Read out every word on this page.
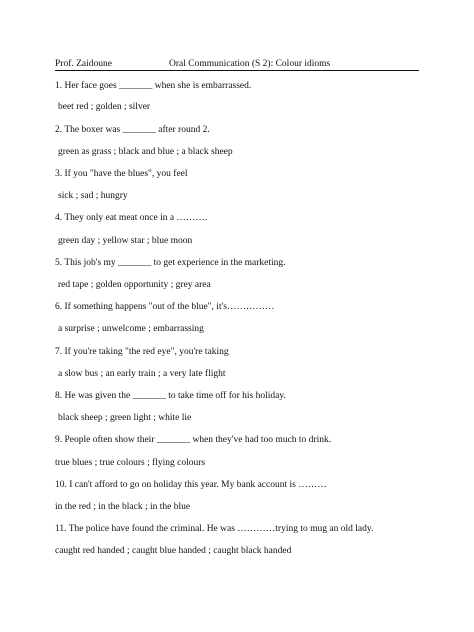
Prof. Zaidoune	Oral Communication (S 2): Colour idioms
1. Her face goes _______ when she is embarrassed.
beet red ; golden ; silver
2. The boxer was _______ after round 2.
green as grass ; black and blue ; a black sheep
3. If you "have the blues", you feel
sick ; sad ; hungry
4. They only eat meat once in a ……….
green day ; yellow star ; blue moon
5. This job's my _______ to get experience in the marketing.
red tape ; golden opportunity ; grey area
6. If something happens "out of the blue", it's……………
a surprise ; unwelcome ; embarrassing
7. If you're taking "the red eye", you're taking
a slow bus ; an early train ; a very late flight
8. He was given the _______ to take time off for his holiday.
black sheep ; green light ; white lie
9. People often show their _______ when they've had too much to drink.
true blues ; true colours ; flying colours
10. I can't afford to go on holiday this year. My bank account is ………
in the red ; in the black ; in the blue
11. The police have found the criminal. He was …………trying to mug an old lady.
caught red handed ; caught blue handed ; caught black handed
